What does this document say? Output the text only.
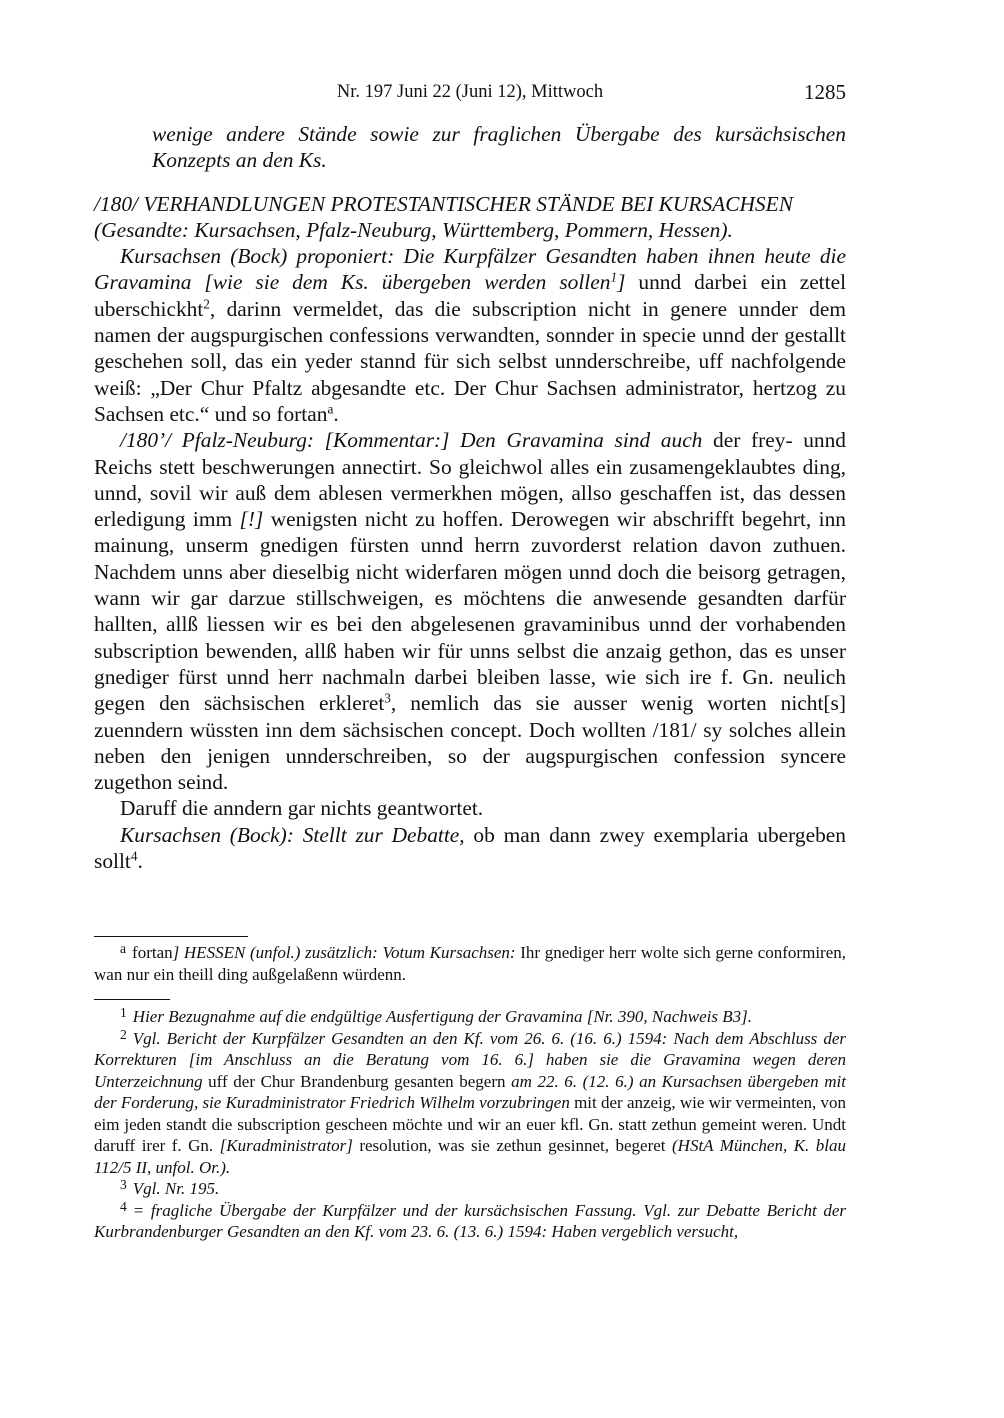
Nr. 197 Juni 22 (Juni 12), Mittwoch	1285

wenige andere Stände sowie zur fraglichen Übergabe des kursächsischen Konzepts an den Ks.

/180/ VERHANDLUNGEN PROTESTANTISCHER STÄNDE BEI KURSACHSEN
(Gesandte: Kursachsen, Pfalz-Neuburg, Württemberg, Pommern, Hessen).

Kursachsen (Bock) proponiert: Die Kurpfälzer Gesandten haben ihnen heute die Gravamina [wie sie dem Ks. übergeben werden sollen$^1$] unnd darbei ein zettel uberschickht$^2$, darinn vermeldet, das die subscription nicht in genere unnder dem namen der augspurgischen confessions verwandten, sonnder in specie unnd der gestallt geschehen soll, das ein yeder stannd für sich selbst unnderschreibe, uff nachfolgende weiß: „Der Chur Pfaltz abgesandte etc. Der Chur Sachsen administrator, hertzog zu Sachsen etc.“ und so fortan$^a$.

/180’/ Pfalz-Neuburg: [Kommentar:] Den Gravamina sind auch der frey- unnd Reichs stett beschwerungen annectirt. So gleichwol alles ein zusamengeklaubtes ding, unnd, sovil wir auß dem ablesen vermerkhen mögen, allso geschaffen ist, das dessen erledigung imm [!] wenigsten nicht zu hoffen. Derowegen wir abschrifft begehrt, inn mainung, unserm gnedigen fürsten unnd herrn zuvorderst relation davon zuthuen. Nachdem unns aber dieselbig nicht widerfaren mögen unnd doch die beisorg getragen, wann wir gar darzue stillschweigen, es möchtens die anwesende gesandten darfür hallten, allß liessen wir es bei den abgelesenen gravaminibus unnd der vorhabenden subscription bewenden, allß haben wir für unns selbst die anzaig gethon, das es unser gnediger fürst unnd herr nachmaln darbei bleiben lasse, wie sich ire f. Gn. neulich gegen den sächsischen erkleret$^3$, nemlich das sie ausser wenig worten nicht[s] zuenndern wüssten inn dem sächsischen concept. Doch wollten /181/ sy solches allein neben den jenigen unnderschreiben, so der augspurgischen confession syncere zugethon seind.

Daruff die anndern gar nichts geantwortet.

Kursachsen (Bock): Stellt zur Debatte, ob man dann zwey exemplaria ubergeben sollt$^4$.

$^a$ fortan] HESSEN (unfol.) zusätzlich: Votum Kursachsen: Ihr gnediger herr wolte sich gerne conformiren, wan nur ein theill ding außgelaßenn würdenn.

$^1$ Hier Bezugnahme auf die endgültige Ausfertigung der Gravamina [Nr. 390, Nachweis B3].

$^2$ Vgl. Bericht der Kurpfälzer Gesandten an den Kf. vom 26. 6. (16. 6.) 1594: Nach dem Abschluss der Korrekturen [im Anschluss an die Beratung vom 16. 6.] haben sie die Gravamina wegen deren Unterzeichnung uff der Chur Brandenburg gesanten begern am 22. 6. (12. 6.) an Kursachsen übergeben mit der Forderung, sie Kuradministrator Friedrich Wilhelm vorzubringen mit der anzeig, wie wir vermeinten, von eim jeden standt die subscription gescheen möchte und wir an euer kfl. Gn. statt zethun gemeint weren. Undt daruff irer f. Gn. [Kuradministrator] resolution, was sie zethun gesinnet, begeret (HStA München, K. blau 112/5 II, unfol. Or.).

$^3$ Vgl. Nr. 195.

$^4$ = fragliche Übergabe der Kurpfälzer und der kursächsischen Fassung. Vgl. zur Debatte Bericht der Kurbrandenburger Gesandten an den Kf. vom 23. 6. (13. 6.) 1594: Haben vergeblich versucht,
